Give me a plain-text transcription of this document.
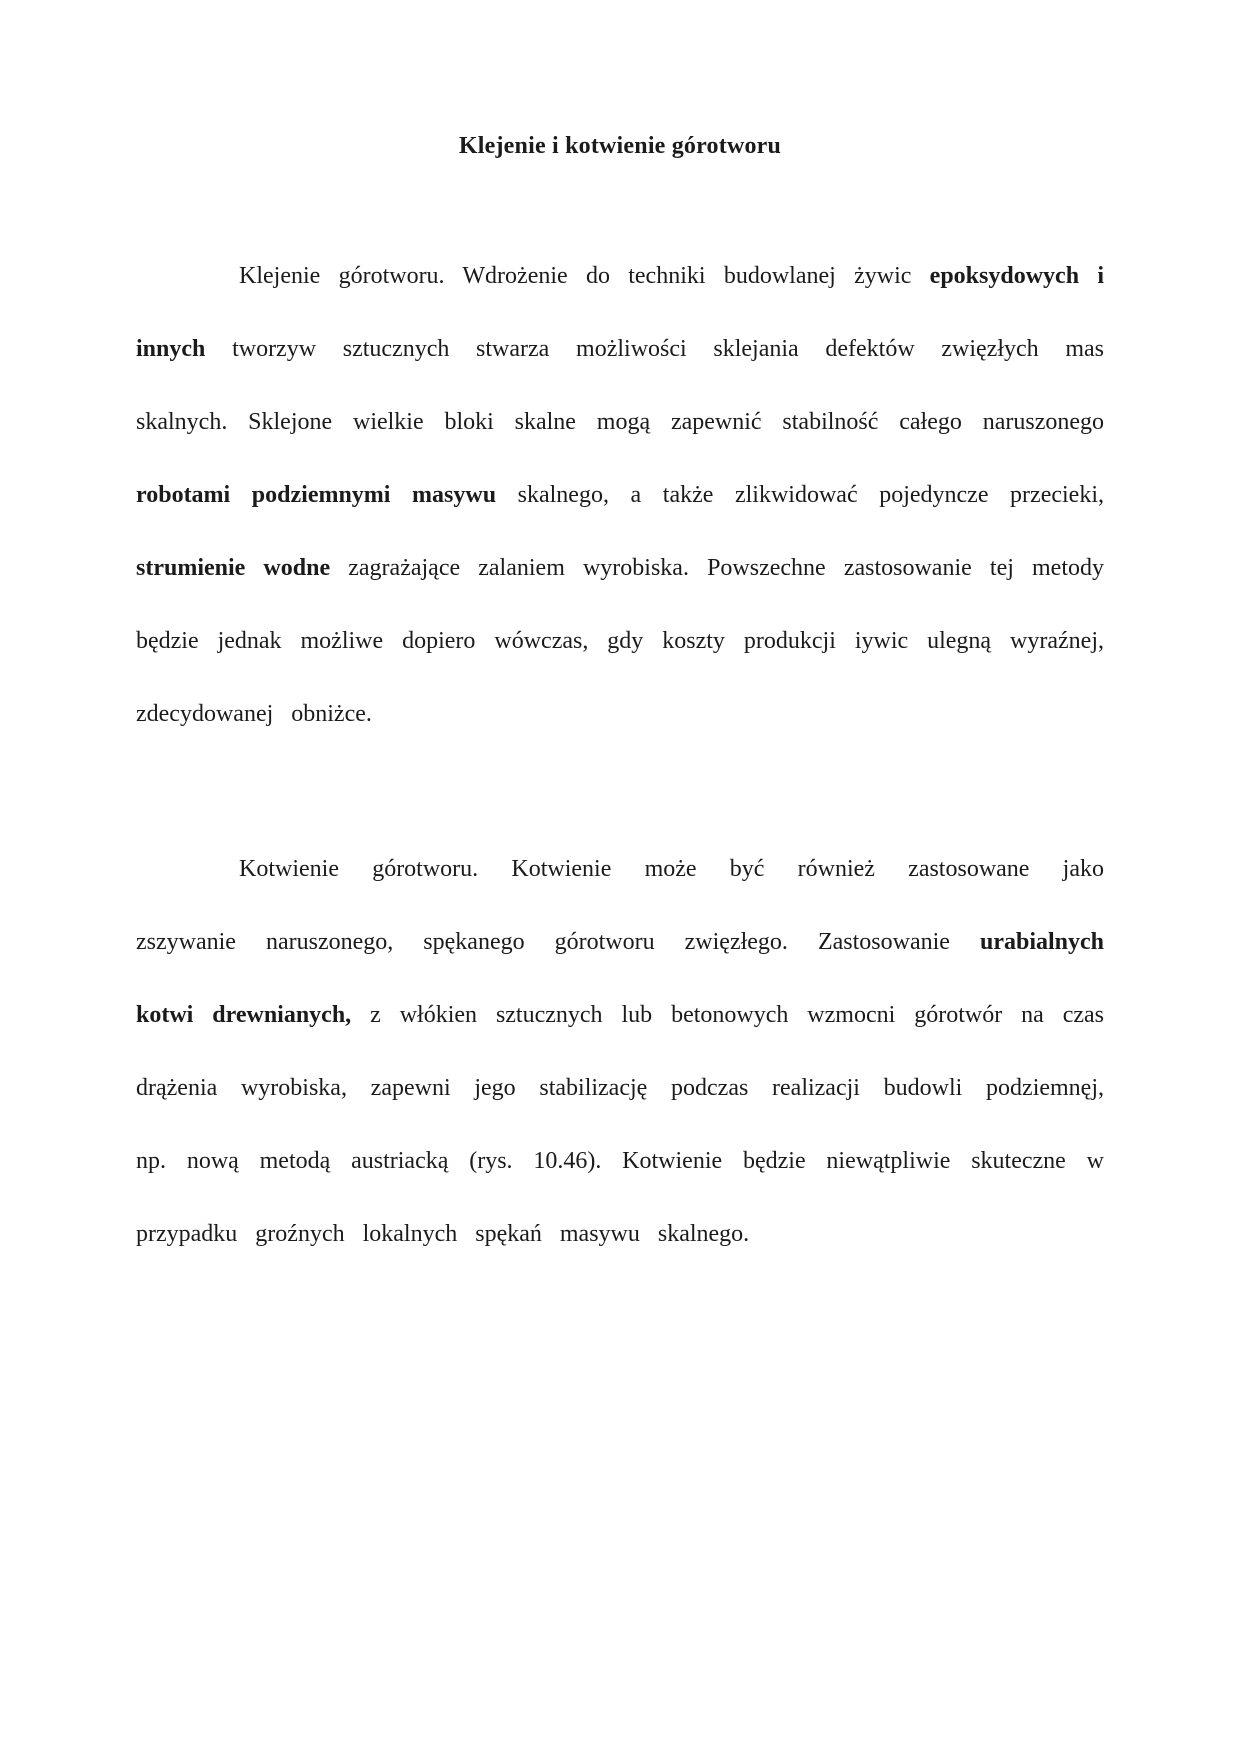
Klejenie i kotwienie górotworu

Klejenie górotworu. Wdrożenie do techniki budowlanej żywic epoksydowych i innych tworzyw sztucznych stwarza możliwości sklejania defektów zwięzłych mas skalnych. Sklejone wielkie bloki skalne mogą zapewnić stabilność całego naruszonego robotami podziemnymi masywu skalnego, a także zlikwidować pojedyncze przecieki, strumienie wodne zagrażające zalaniem wyrobiska. Powszechne zastosowanie tej metody będzie jednak możliwe dopiero wówczas, gdy koszty produkcji iywic ulegną wyraźnej, zdecydowanej obniżce.

Kotwienie górotworu. Kotwienie może być również zastosowane jako zszywanie naruszonego, spękanego górotworu zwięzłego. Zastosowanie urabialnych kotwi drewnianych, z włókien sztucznych lub betonowych wzmocni górotwór na czas drążenia wyrobiska, zapewni jego stabilizację podczas realizacji budowli podziemnęj, np. nową metodą austriacką (rys. 10.46). Kotwienie będzie niewątpliwie skuteczne w przypadku groźnych lokalnych spękań masywu skalnego.
